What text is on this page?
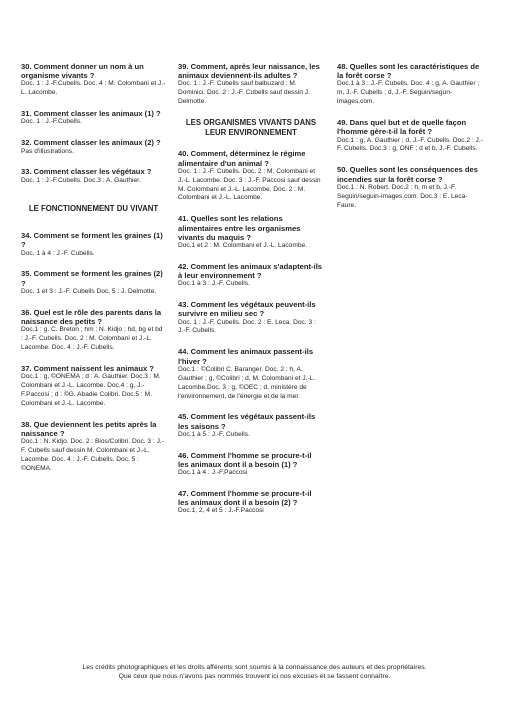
30. Comment donner un nom à un organisme vivants ?

Doc. 1 : J.-F.Cubells. Doc. 4 : M. Colombani et J.-L. Lacombe.

31. Comment classer les animaux (1) ?

Doc. 1 : J.-F.Cubells.

32. Comment classer les animaux (2) ?

Pas d'illustrations.

33. Comment classer les végétaux ?

Doc. 1 : J.-F.Cubells. Doc.3 : A. Gauthier.

LE FONCTIONNEMENT DU VIVANT

34. Comment se forment les graines (1) ?

Doc. 1 à 4 : J.-F. Cubells.

35. Comment se forment les graines (2) ?

Doc. 1 et 3 : J.-F. Cubells Doc. 5 : J. Delmotte.

36. Quel est le rôle des parents dans la naissance des petits ?

Doc.1 : g. C. Breton ; hm : N. Kidjo ; hd, bg et bd : J.-F. Cubells. Doc. 2 : M. Colombani et J.-L. Lacombe. Doc. 4 : J.-F. Cubells.

37. Comment naissent les animaux ?

Doc.1 : g, ©ONEMA ; d : A. Gauthier. Doc.3 : M. Colombani et J.-L. Lacombe. Doc.4 : g, J.-F.Paccosi ; d : ©G. Abadie Colibri. Doc.5 : M. Colombani et J.-L. Lacombe.

38. Que deviennent les petits après la naissance ?

Doc.1 : N. Kidjo. Doc. 2 : Bios/Colibri. Doc. 3 : J.-F. Cubells sauf dessin M. Colombani et J.-L. Lacombe. Doc. 4 : J.-F. Cubells. Doc. 5 : ©ONEMA.

39. Comment, après leur naissance, les animaux deviennent-ils adultes ?

Doc. 1 : J.-F. Cubells sauf balbuzard : M. Dominici. Doc. 2 : J.-F. Cubells sauf dessin J. Delmotte.

LES ORGANISMES VIVANTS DANS LEUR ENVIRONNEMENT

40. Comment, déterminez le régime alimentaire d'un animal ?

Doc. 1 : J.-F. Cubells. Doc. 2 : M. Colombani et J.-L. Lacombe. Doc. 3 : J.-F. Paccosi sauf dessin M. Colombani et J.-L. Lacombe. Doc. 2 : M. Colombani et J.-L. Lacombe.

41. Quelles sont les relations alimentaires entre les organismes vivants du maquis ?

Doc.1 et 2 : M. Colombani et J.-L. Lacombe.

42. Comment les animaux s'adaptent-ils à leur environnement ?

Doc.1 à 3 : J.-F. Cubells.

43. Comment les végétaux peuvent-ils survivre en milieu sec ?

Doc. 1 : J.-F. Cubells. Doc. 2 : E. Leca. Doc. 3 : J.-F. Cubells.

44. Comment les animaux passent-ils l'hiver ?

Doc.1 : ©Colibri C. Baranger. Doc. 2 : h, A. Gauthier ; g, ©Colibri ; d, M. Colombani et J.-L. Lacombe.Doc. 3 : g, ©OEC ; d, ministère de l'environnement, de l'énergie et de la mer.

45. Comment les végétaux passent-ils les saisons ?

Doc.1 à 5 : J.-F. Cubells.

46. Comment l'homme se procure-t-il les animaux dont il a besoin (1) ?

Doc.1 à 4 : J.-F.Paccosi

47. Comment l'homme se procure-t-il les animaux dont il a besoin (2) ?

Doc.1, 2, 4 et 5 : J.-F.Paccosi

48. Quelles sont les caractéristiques de la forêt corse ?

Doc.1 à 3 : J.-F. Cubells. Doc. 4 : g, A. Gauthier ; m, J.-F. Cubells ; d, J.-F. Seguin/segun-images.com.

49. Dans quel but et de quelle façon l'homme gère-t-il la forêt ?

Doc.1 : g, A. Gauthier ; d, J.-F. Cubells. Doc.2 : J.-F. Cubells. Doc.3 : g, ONF ; d et b, J.-F. Cubells.

50. Quelles sont les conséquences des incendies sur la forêt corse ?

Doc.1 : N. Robert. Doc.2 : h, m et b, J.-F. Seguin/seguin-images.com. Doc.3 : E. Leca-Faure.

Les crédits photographiques et les droits afférents sont soumis à la connaissance des auteurs et des propriétaires.
Que ceux que nous n'avons pas nommés trouvent ici nos excuses et se fassent connaître.
